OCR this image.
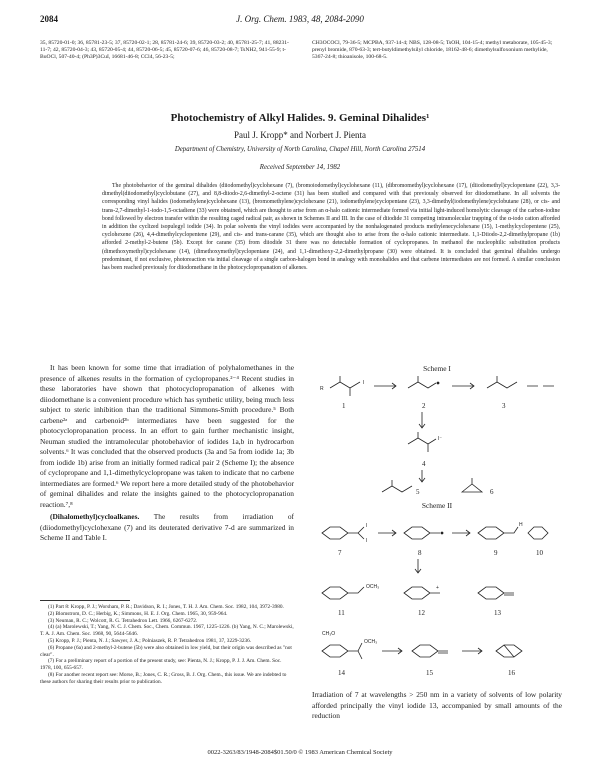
2084	J. Org. Chem. 1983, 48, 2084-2090
35, 85720-01-0; 36, 85781-23-5; 37, 85720-02-1; 28, 85781-24-6; 39, 85720-03-2; 40, 85781-25-7; 41, 88231-11-7; 42, 85720-04-3; 43, 85720-05-4; 44, 85720-06-5; 45, 85720-07-6; 46, 85720-08-7; TsNH2, 941-55-9; t-BuOCl, 507-40-4; (Ph3P)3CuI, 16681-46-8; CCl4, 56-23-5;
CH3OCOCl, 79-36-5; MCPBA, 937-14-4; NBS, 128-08-5; TsOH, 104-15-4; methyl metaborate, 105-45-3; prenyl bromide, 870-63-3; tert-butyldimethylsilyl chloride, 18162-48-6; dimethylsulfoxonium methylide, 5367-24-8; thioanisole, 100-68-5.
Photochemistry of Alkyl Halides. 9. Geminal Dihalides¹
Paul J. Kropp* and Norbert J. Pienta
Department of Chemistry, University of North Carolina, Chapel Hill, North Carolina 27514
Received September 14, 1982
The photobehavior of the geminal dihalides (diiodomethyl)cyclohexane (7), (bromoiodomethyl)cyclohexane (11), (dibromomethyl)cyclohexane (17), (diiodomethyl)cyclopentane (22), 3,3-dimethyl(diiodomethyl)cyclobutane (27), and 8,8-diiodo-2,6-dimethyl-2-octene (31) has been studied and compared with that previously observed for diiodomethane. In all solvents the corresponding vinyl halides (iodomethylene)cyclohexane (13), (bromomethylene)cyclohexane (21), iodomethylene)cyclopentane (23), 3,3-dimethyl(iodomethylene)cyclobutane (28), or cis- and trans-2,7-dimethyl-1-iodo-1,5-octadiene (33) were obtained, which are thought to arise from an α-halo cationic intermediate formed via initial light-induced homolytic cleavage of the carbon-iodine bond followed by electron transfer within the resulting caged radical pair, as shown in Schemes II and III. In the case of diiodide 31 competing intramolecular trapping of the α-iodo cation afforded in addition the cyclized isopulegyl iodide (34). In polar solvents the vinyl iodides were accompanied by the nonhalogenated products methylenecyclohexane (15), 1-methylcyclopentene (25), cyclohexene (26), 4,4-dimethylcyclopentene (29), and cis- and trans-carane (35), which are thought also to arise from the α-halo cationic intermediate. 1,1-Diiodo-2,2-dimethylpropane (1b) afforded 2-methyl-2-butene (5b). Except for carane (35) from diiodide 31 there was no detectable formation of cyclopropanes. In methanol the nucleophilic substitution products (dimethoxymethyl)cyclohexane (14), (dimethoxymethyl)cyclopentane (24), and 1,1-dimethoxy-2,2-dimethylpropane (30) were obtained. It is concluded that geminal dihalides undergo predominant, if not exclusive, photoreaction via initial cleavage of a single carbon-halogen bond in analogy with monohalides and that carbene intermediates are not formed. A similar conclusion has been reached previously for diiodomethane in the photocyclopropanation of alkenes.

It has been known for some time that irradiation of polyhalomethanes in the presence of alkenes results in the formation of cyclopropanes.²⁻⁴ Recent studies in these laboratories have shown that photocyclopropanation of alkenes with diiodomethane is a convenient procedure which has synthetic utility, being much less subject to steric inhibition than the traditional Simmons-Smith procedure.⁵ Both carbene²ᵃ and carbenoid²ᵇ intermediates have been suggested for the photocyclopropanation process. In an effort to gain further mechanistic insight, Neuman studied the intramolecular photobehavior of iodides 1a,b in hydrocarbon solvents.⁶ It was concluded that the observed products (3a and 5a from iodide 1a; 3b from iodide 1b) arise from an initially formed radical pair 2 (Scheme I); the absence of cyclopropane and 1,1-dimethylcyclopropane was taken to indicate that no carbene intermediates are formed.⁶ We report here a more detailed study of the photobehavior of geminal dihalides and relate the insights gained to the photocyclopropanation reaction.⁷,⁸

(Dihalomethyl)cycloalkanes. The results from irradiation of (diiodomethyl)cyclohexane (7) and its deuterated derivative 7-d are summarized in Scheme II and Table I.

(1) Part 8: Kropp, P. J.; Worsham, P. R.; Davidson, R. I.; Jones, T. H. J. Am. Chem. Soc. 1982, 104, 3972-3980.
(2) Blomstrom, D. C.; Herbig, K.; Simmons, H. E. J. Org. Chem. 1965, 30, 959-964.
(3) Neuman, R. C.; Wolcott, R. G. Tetrahedron Lett. 1966, 6267-6272.
(4) (a) Marolewski, T.; Yang, N. C. J. Chem. Soc., Chem. Commun. 1967, 1225-1226. (b) Yang, N. C.; Marolewski, T. A. J. Am. Chem. Soc. 1968, 90, 5644-5646.
(5) Kropp, P. J.; Pienta, N. J.; Sawyer, J. A.; Polniaszek, R. P. Tetrahedron 1981, 37, 3229-3236.
(6) Propane (6a) and 2-methyl-2-butene (5b) were also obtained in low yield, but their origin was described as "not clear".
(7) For a preliminary report of a portion of the present study, see: Pienta, N. J.; Kropp, P. J. J. Am. Chem. Soc. 1978, 100, 655-657.
(8) For another recent report see: Morse, B.; Jones, C. R.; Gross, B. J. Org. Chem., this issue. We are indebted to these authors for sharing their results prior to publication.
Scheme I
R
I
1	2	3
I⁻
4
5	6
Scheme II
I
I
7	8
H
9	10
OCH₃
11
+
12	13
CH₃O
OCH₃
14	15	16
Irradiation of 7 at wavelengths > 250 nm in a variety of solvents of low polarity afforded principally the vinyl iodide 13, accompanied by small amounts of the reduction
0022-3263/83/1948-2084$01.50/0 © 1983 American Chemical Society
